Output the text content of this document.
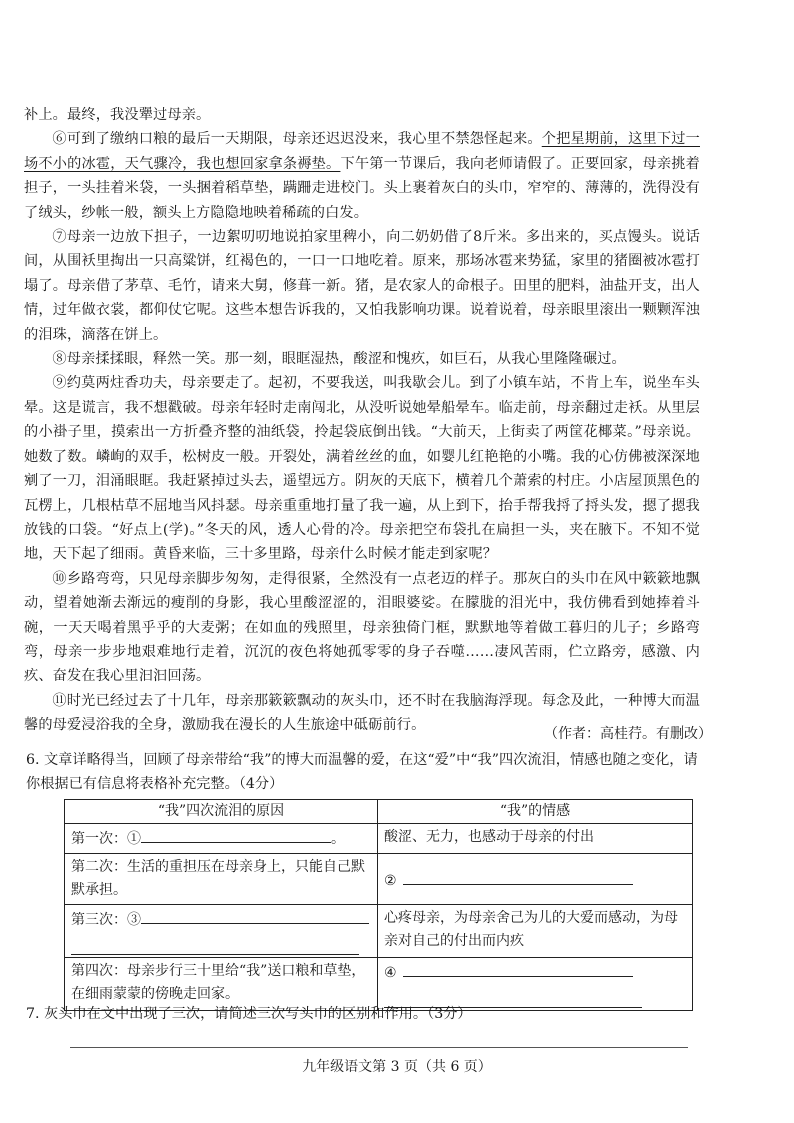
补上。最终，我没犟过母亲。
⑥可到了缴纳口粮的最后一天期限，母亲还迟迟没来，我心里不禁怨怪起来。个把星期前，这里下过一场不小的冰雹，天气骤冷，我也想回家拿条褥垫。下午第一节课后，我向老师请假了。正要回家，母亲挑着担子，一头挂着米袋，一头捆着稻草垫，蹒跚走进校门。头上裹着灰白的头巾，窄窄的、薄薄的，洗得没有了绒头，纱帐一般，额头上方隐隐地映着稀疏的白发。
⑦母亲一边放下担子，一边絮叨叨地说拍家里稗小，向二奶奶借了8斤米。多出来的，买点馒头。说话间，从围袄里掏出一只高粱饼，红褐色的，一口一口地吃着。原来，那场冰雹来势猛，家里的猪圈被冰雹打塌了。母亲借了茅草、毛竹，请来大舅，修葺一新。猪，是农家人的命根子。田里的肥料，油盐开支，出人情，过年做衣裳，都仰仗它呢。这些本想告诉我的，又怕我影响功课。说着说着，母亲眼里滚出一颗颗浑浊的泪珠，滴落在饼上。
⑧母亲揉揉眼，释然一笑。那一刻，眼眶湿热，酸涩和愧疚，如巨石，从我心里隆隆碾过。
⑨约莫两炷香功夫，母亲要走了。起初，不要我送，叫我歇会儿。到了小镇车站，不肯上车，说坐车头晕。这是谎言，我不想戳破。母亲年轻时走南闯北，从没听说她晕船晕车。临走前，母亲翻过走袄。从里层的小褂子里，摸索出一方折叠齐整的油纸袋，拎起袋底倒出钱。“大前天，上街卖了两筐花椰菜。”母亲说。她数了数。嶙峋的双手，松树皮一般。开裂处，满着丝丝的血，如婴儿红艳艳的小嘴。我的心仿佛被深深地剜了一刀，泪涌眼眶。我赶紧掉过头去，遥望远方。阴灰的天底下，横着几个萧索的村庄。小店屋顶黑色的瓦楞上，几根枯草不屈地当风抖瑟。母亲重重地打量了我一遍，从上到下，抬手帮我捋了捋头发，摁了摁我放钱的口袋。“好点上(学)。”冬天的风，透人心骨的冷。母亲把空布袋扎在扁担一头，夹在腋下。不知不觉地，天下起了细雨。黄昏来临，三十多里路，母亲什么时候才能走到家呢？
⑩乡路弯弯，只见母亲脚步匆匆，走得很紧，全然没有一点老迈的样子。那灰白的头巾在风中簌簌地飘动，望着她渐去渐远的瘦削的身影，我心里酸涩涩的，泪眼婆娑。在朦胧的泪光中，我仿佛看到她捧着斗碗，一天天喝着黑乎乎的大麦粥；在如血的残照里，母亲独倚门框，默默地等着做工暮归的儿子；乡路弯弯，母亲一步步地艰难地行走着，沉沉的夜色将她孤零零的身子吞噬……凄风苦雨，伫立路旁，感激、内疚、奋发在我心里汩汩回荡。
⑪时光已经过去了十几年，母亲那簌簌飘动的灰头巾，还不时在我脑海浮现。每念及此，一种博大而温馨的母爱浸浴我的全身，激励我在漫长的人生旅途中砥砺前行。
（作者：高桂荇。有删改）
6. 文章详略得当，回顾了母亲带给“我”的博大而温馨的爱，在这“爱”中“我”四次流泪，情感也随之变化，请你根据已有信息将表格补充完整。（4分）
“我”四次流泪的原因	“我”的情感
第一次：① 。	酸涩、无力，也感动于母亲的付出
第二次：生活的重担压在母亲身上，只能自己默默承担。	②

第三次：③	心疼母亲，为母亲舍己为儿的大爱而感动，为母亲对自己的付出而内疚
第四次：母亲步行三十里给“我”送口粮和草垫，在细雨蒙蒙的傍晚走回家。	④
7. 灰头巾在文中出现了三次，请简述三次写头巾的区别和作用。（3分）
九年级语文第 3 页（共 6 页）
